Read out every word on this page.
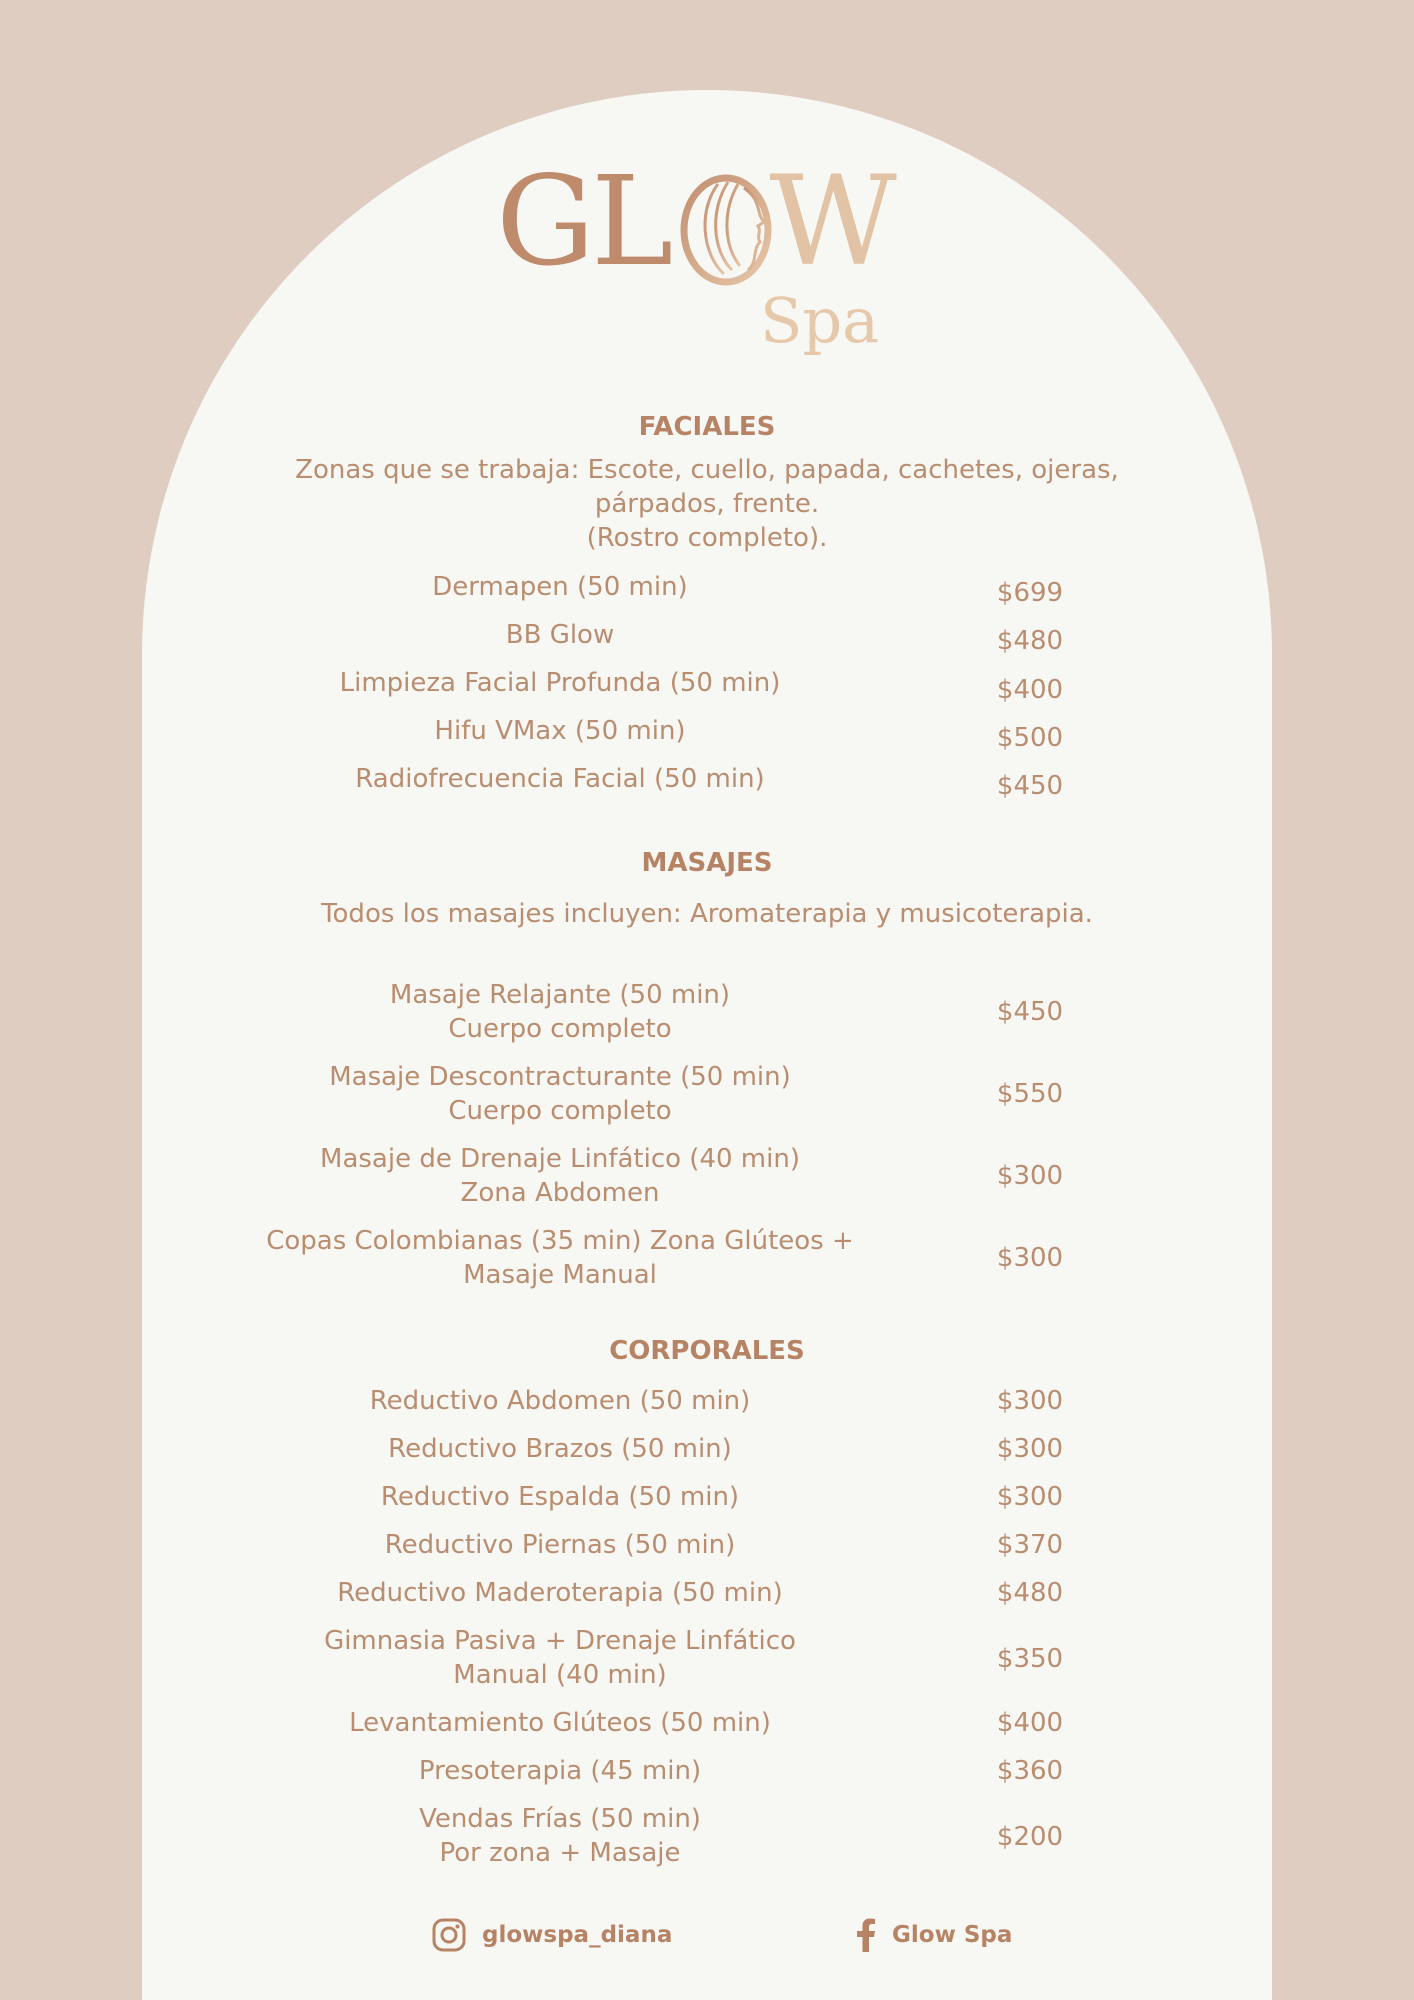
GL W
Spa
FACIALES
Zonas que se trabaja: Escote, cuello, papada, cachetes, ojeras,
párpados, frente.
(Rostro completo).
Dermapen (50 min)	$699
BB Glow	$480
Limpieza Facial Profunda (50 min)	$400
Hifu VMax (50 min)	$500
Radiofrecuencia Facial (50 min)	$450
MASAJES
Todos los masajes incluyen: Aromaterapia y musicoterapia.
Masaje Relajante (50 min)
Cuerpo completo
$450
Masaje Descontracturante (50 min)
Cuerpo completo
$550
Masaje de Drenaje Linfático (40 min)
Zona Abdomen
$300
Copas Colombianas (35 min) Zona Glúteos +
Masaje Manual
$300
CORPORALES
Reductivo Abdomen (50 min)	$300
Reductivo Brazos (50 min)	$300
Reductivo Espalda (50 min)	$300
Reductivo Piernas (50 min)	$370
Reductivo Maderoterapia (50 min)	$480
Gimnasia Pasiva + Drenaje Linfático
Manual (40 min)
$350
Levantamiento Glúteos (50 min)	$400
Presoterapia (45 min)	$360
Vendas Frías (50 min)
Por zona + Masaje
$200
glowspa_diana	Glow Spa
